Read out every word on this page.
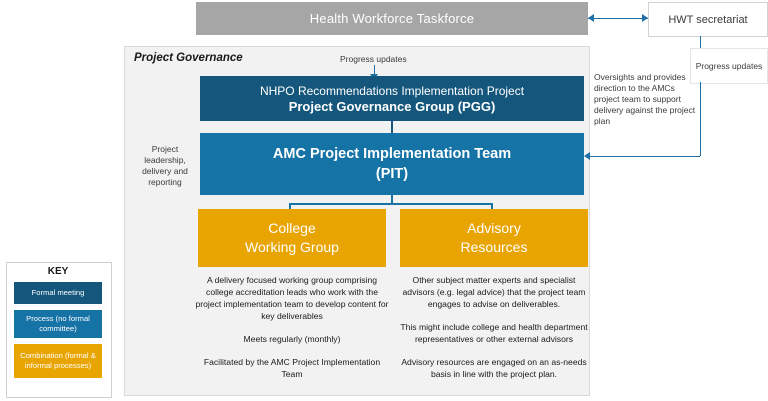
Health Workforce Taskforce	HWT secretariat
Project Governance	Progress updates
NHPO Recommendations Implementation Project
Project Governance Group (PGG)
AMC Project Implementation Team
(PIT)
Project leadership, delivery and reporting
Oversights and provides direction to the AMCs project team to support delivery against the project plan
Progress updates
College
Working Group
Advisory
Resources

A delivery focused working group comprising college accreditation leads who work with the project implementation team to develop content for key deliverables

Meets regularly (monthly)

Facilitated by the AMC Project Implementation Team

Other subject matter experts and specialist advisors (e.g. legal advice) that the project team engages to advise on deliverables.

This might include college and health department representatives or other external advisors

Advisory resources are engaged on an as-needs basis in line with the project plan.

KEY
Formal meeting
Process (no formal committee)
Combination (formal & informal processes)
